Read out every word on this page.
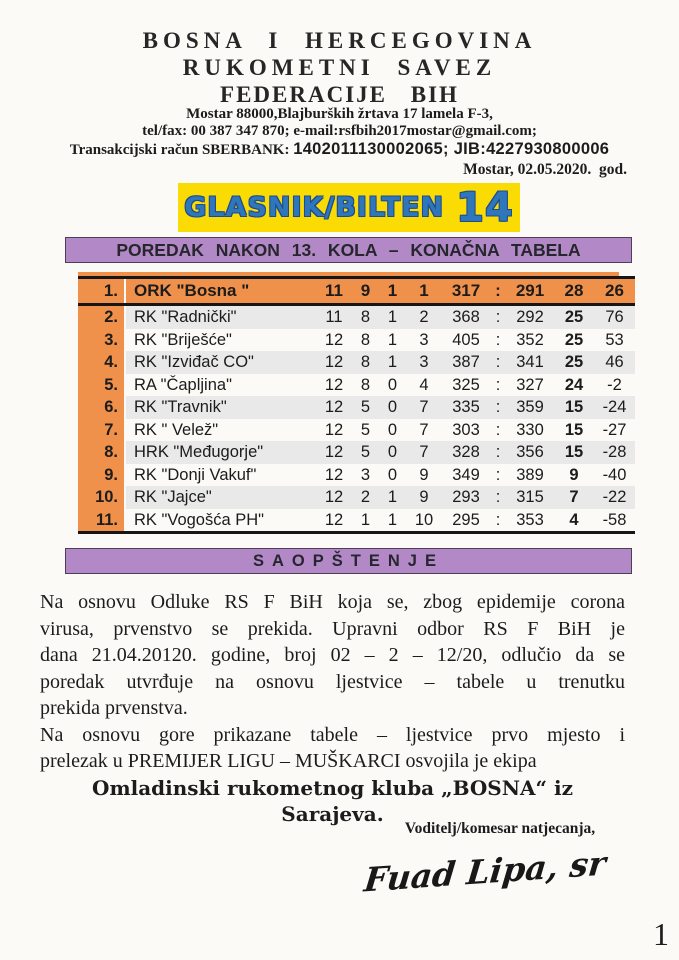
BOSNA I HERCEGOVINA
RUKOMETNI SAVEZ
FEDERACIJE BIH
Mostar 88000,Blajburških žrtava 17 lamela F-3,
tel/fax: 00 387 347 870; e-mail:rsfbih2017mostar@gmail.com;
Transakcijski račun SBERBANK: 1402011130002065; JIB:4227930800006
Mostar, 02.05.2020.  god.
GLASNIK/BILTEN 14
POREDAK NAKON 13. KOLA – KONAČNA TABELA
1.	ORK "Bosna "	11	9	1	1	317	:	291	28	26
2.	RK "Radnički"	11	8	1	2	368	:	292	25	76
3.	RK "Briješće"	12	8	1	3	405	:	352	25	53
4.	RK "Izviđač CO"	12	8	1	3	387	:	341	25	46
5.	RA "Čapljina"	12	8	0	4	325	:	327	24	-2
6.	RK "Travnik"	12	5	0	7	335	:	359	15	-24
7.	RK " Velež"	12	5	0	7	303	:	330	15	-27
8.	HRK "Međugorje"	12	5	0	7	328	:	356	15	-28
9.	RK "Donji Vakuf"	12	3	0	9	349	:	389	9	-40
10.	RK "Jajce"	12	2	1	9	293	:	315	7	-22
11.	RK "Vogošća PH"	12	1	1	10	295	:	353	4	-58
SAOPŠTENJE
Na osnovu Odluke RS F BiH koja se, zbog epidemije corona
virusa, prvenstvo se prekida. Upravni odbor RS F BiH je
dana 21.04.20120. godine, broj 02 – 2 – 12/20, odlučio da se
poredak utvrđuje na osnovu ljestvice – tabele u trenutku
prekida prvenstva.
Na osnovu gore prikazane tabele – ljestvice prvo mjesto i
prelezak u PREMIJER LIGU – MUŠKARCI osvojila je ekipa
Omladinski rukometnog kluba „BOSNA“ iz
Sarajeva.
Voditelj/komesar natjecanja,
Fuad Lipa, sr
1
